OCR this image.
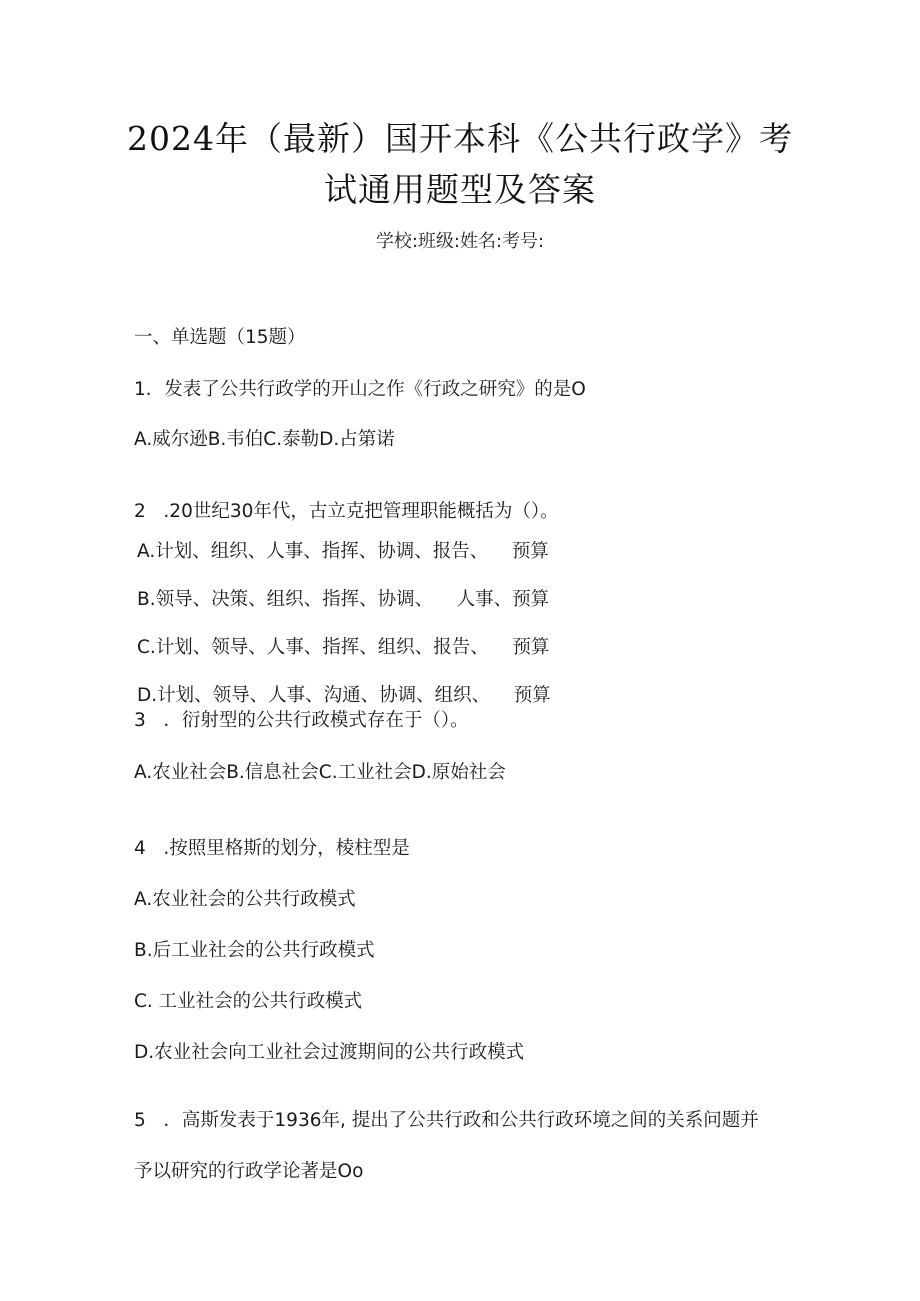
2024年（最新）国开本科《公共行政学》考
试通用题型及答案
学校:班级:姓名:考号:
一、单选题（15题）
1．发表了公共行政学的开山之作《行政之研究》的是O
A.威尔逊B.韦伯C.泰勒D.占第诺
2   .20世纪30年代，古立克把管理职能概括为（）。
A.计划、组织、人事、指挥、协调、报告、    预算
B.领导、决策、组织、指挥、协调、    人事、预算
C.计划、领导、人事、指挥、组织、报告、    预算
D.计划、领导、人事、沟通、协调、组织、    预算
3   ．衍射型的公共行政模式存在于（）。
A.农业社会B.信息社会C.工业社会D.原始社会
4   .按照里格斯的划分，棱柱型是
A.农业社会的公共行政模式
B.后工业社会的公共行政模式
C. 工业社会的公共行政模式
D.农业社会向工业社会过渡期间的公共行政模式
5   ．高斯发表于1936年, 提出了公共行政和公共行政环境之间的关系问题并
予以研究的行政学论著是Oo
